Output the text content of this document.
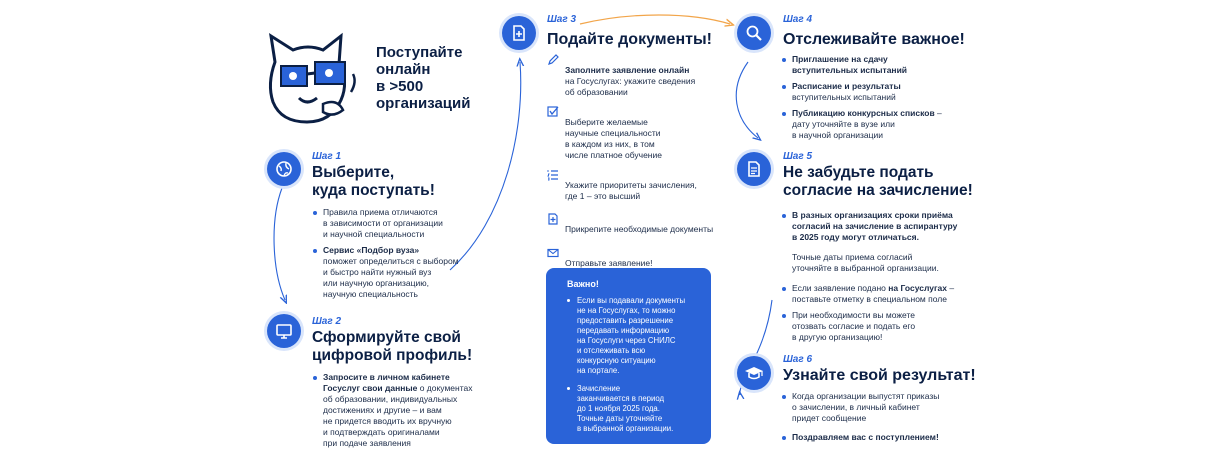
Поступайте
онлайн
в >500
организаций
Шаг 1
Выберите,
куда поступать!
Правила приема отличаются
в зависимости от организации
и научной специальности
Сервис «Подбор вуза»
поможет определиться с выбором
и быстро найти нужный вуз
или научную организацию,
научную специальность
Шаг 2
Сформируйте свой
цифровой профиль!
Запросите в личном кабинете
Госуслуг свои данные о документах
об образовании, индивидуальных
достижениях и другие – и вам
не придется вводить их вручную
и подтверждать оригиналами
при подаче заявления
Шаг 3
Подайте документы!

Заполните заявление онлайн
на Госуслугах: укажите сведения
об образовании

Выберите желаемые
научные специальности
в каждом из них, в том
числе платное обучение

Укажите приоритеты зачисления,
где 1 – это высший

Прикрепите необходимые документы

Отправьте заявление!
Важно!
Если вы подавали документы
не на Госуслугах, то можно
предоставить разрешение
передавать информацию
на Госуслуги через СНИЛС
и отслеживать всю
конкурсную ситуацию
на портале.
Зачисление
заканчивается в период
до 1 ноября 2025 года.
Точные даты уточняйте
в выбранной организации.
Шаг 4
Отслеживайте важное!
Приглашение на сдачу
вступительных испытаний
Расписание и результаты
вступительных испытаний
Публикацию конкурсных списков –
дату уточняйте в вузе или
в научной организации
Шаг 5
Не забудьте подать
согласие на зачисление!
В разных организациях сроки приёма
согласий на зачисление в аспирантуру
в 2025 году могут отличаться.
Точные даты приема согласий
уточняйте в выбранной организации.
Если заявление подано на Госуслугах –
поставьте отметку в специальном поле
При необходимости вы можете
отозвать согласие и подать его
в другую организацию!
Шаг 6
Узнайте свой результат!
Когда организации выпустят приказы
о зачислении, в личный кабинет
придет сообщение
Поздравляем вас с поступлением!
